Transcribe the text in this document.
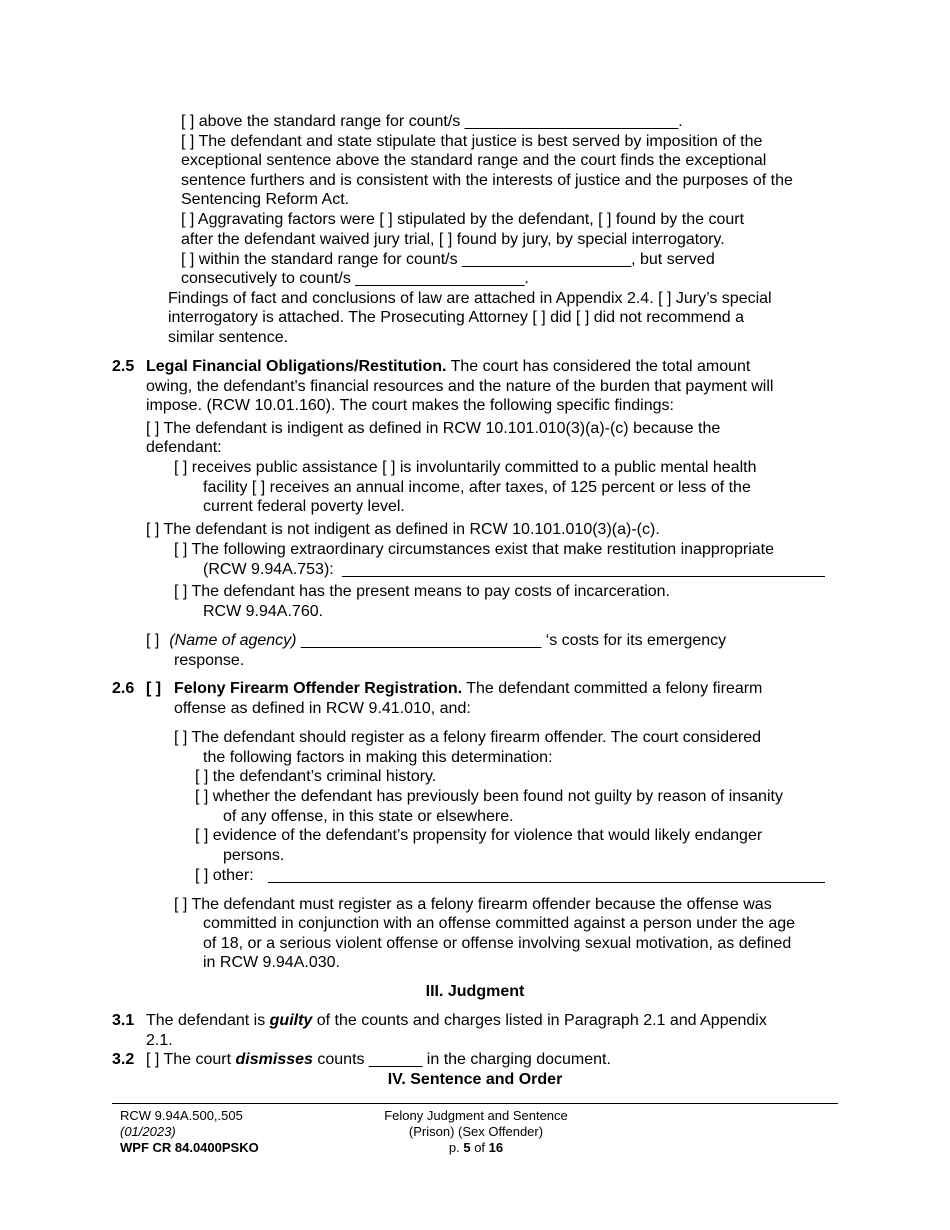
[ ] above the standard range for count/s ________________________.
[ ] The defendant and state stipulate that justice is best served by imposition of the
exceptional sentence above the standard range and the court finds the exceptional
sentence furthers and is consistent with the interests of justice and the purposes of the
Sentencing Reform Act.
[ ] Aggravating factors were [ ] stipulated by the defendant, [ ] found by the court
after the defendant waived jury trial, [ ] found by jury, by special interrogatory.
[ ] within the standard range for count/s ___________________, but served
consecutively to count/s ___________________.
Findings of fact and conclusions of law are attached in Appendix 2.4. [ ] Jury’s special
interrogatory is attached. The Prosecuting Attorney [ ] did [ ] did not recommend a
similar sentence.
2.5 Legal Financial Obligations/Restitution. The court has considered the total amount
owing, the defendant's financial resources and the nature of the burden that payment will
impose. (RCW 10.01.160). The court makes the following specific findings:
[ ] The defendant is indigent as defined in RCW 10.101.010(3)(a)-(c) because the
defendant:
[ ] receives public assistance [ ] is involuntarily committed to a public mental health
facility [ ] receives an annual income, after taxes, of 125 percent or less of the
current federal poverty level.
[ ] The defendant is not indigent as defined in RCW 10.101.010(3)(a)-(c).
[ ] The following extraordinary circumstances exist that make restitution inappropriate
(RCW 9.94A.753):
[ ] The defendant has the present means to pay costs of incarceration.
RCW 9.94A.760.
[ ] (Name of agency) ___________________________ ‘s costs for its emergency
response.
2.6 [ ] Felony Firearm Offender Registration. The defendant committed a felony firearm
offense as defined in RCW 9.41.010, and:
[ ] The defendant should register as a felony firearm offender. The court considered
the following factors in making this determination:
[ ] the defendant’s criminal history.
[ ] whether the defendant has previously been found not guilty by reason of insanity
of any offense, in this state or elsewhere.
[ ] evidence of the defendant’s propensity for violence that would likely endanger
persons.
[ ] other:
[ ] The defendant must register as a felony firearm offender because the offense was
committed in conjunction with an offense committed against a person under the age
of 18, or a serious violent offense or offense involving sexual motivation, as defined
in RCW 9.94A.030.
III. Judgment
3.1 The defendant is guilty of the counts and charges listed in Paragraph 2.1 and Appendix
2.1.
3.2 [ ] The court dismisses counts ______ in the charging document.
IV. Sentence and Order
RCW 9.94A.500,.505
(01/2023)
WPF CR 84.0400PSKO
Felony Judgment and Sentence
(Prison) (Sex Offender)
p. 5 of 16
